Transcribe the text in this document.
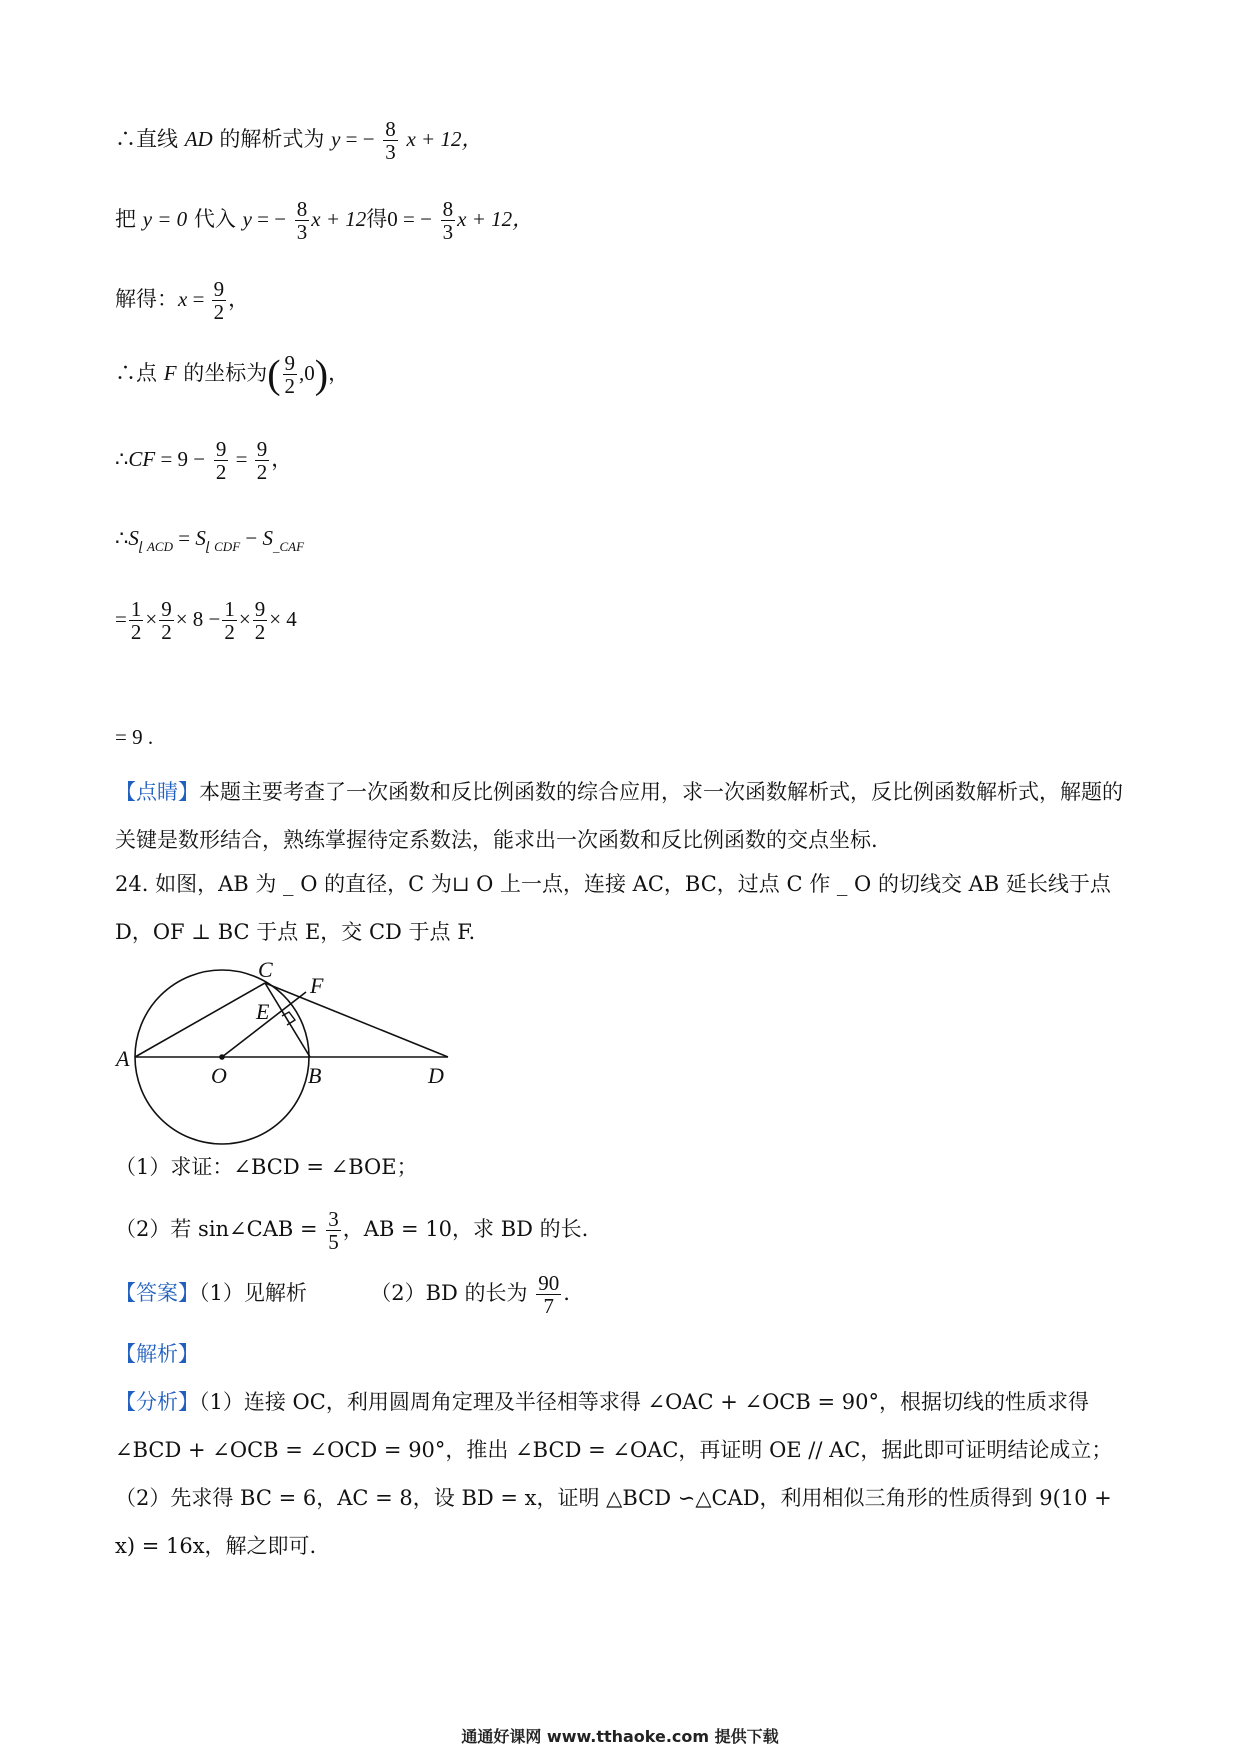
∴直线 AD 的解析式为 y = − $\frac{8}{3}$ x + 12，
把 y = 0 代入 y = − $\frac{8}{3}$ x + 12得0 = − $\frac{8}{3}$ x + 12，
解得：$x = \frac{9}{2}$ ，
∴点 F 的坐标为( $\frac{9}{2} ,0$)，
∴CF = $9 - \frac{9}{2} = \frac{9}{2}$ ，
$\therefore S_{⌊ ACD} = S_{⌊ CDF} - S_{\_CAF}$
= $\frac{1}{2} \times \frac{9}{2} \times 8 - \frac{1}{2} \times \frac{9}{2} \times 4$
= 9 .
【点睛】本题主要考查了一次函数和反比例函数的综合应用，求一次函数解析式，反比例函数解析式，解题的关键是数形结合，熟练掌握待定系数法，能求出一次函数和反比例函数的交点坐标.
24. 如图，AB 为 _ O 的直径，C 为⊔ O 上一点，连接 AC，BC，过点 C 作 _ O 的切线交 AB 延长线于点 D，OF ⊥ BC 于点 E，交 CD 于点 F.
A
O	B	D
C
E
F
（1）求证：∠BCD = ∠BOE；
（2）若 sin∠CAB = $\frac{3}{5}$ ，AB = 10，求 BD 的长.
【答案】（1）见解析	（2）BD 的长为 $\frac{90}{7}$ .
【解析】
【分析】（1）连接 OC，利用圆周角定理及半径相等求得 ∠OAC + ∠OCB = 90°，根据切线的性质求得 ∠BCD + ∠OCB = ∠OCD = 90°，推出 ∠BCD = ∠OAC，再证明 OE // AC，据此即可证明结论成立；（2）先求得 BC = 6，AC = 8，设 BD = x，证明 △BCD ∽△CAD，利用相似三角形的性质得到 9(10 + x) = 16x，解之即可.
通通好课网 www.tthaoke.com 提供下载
